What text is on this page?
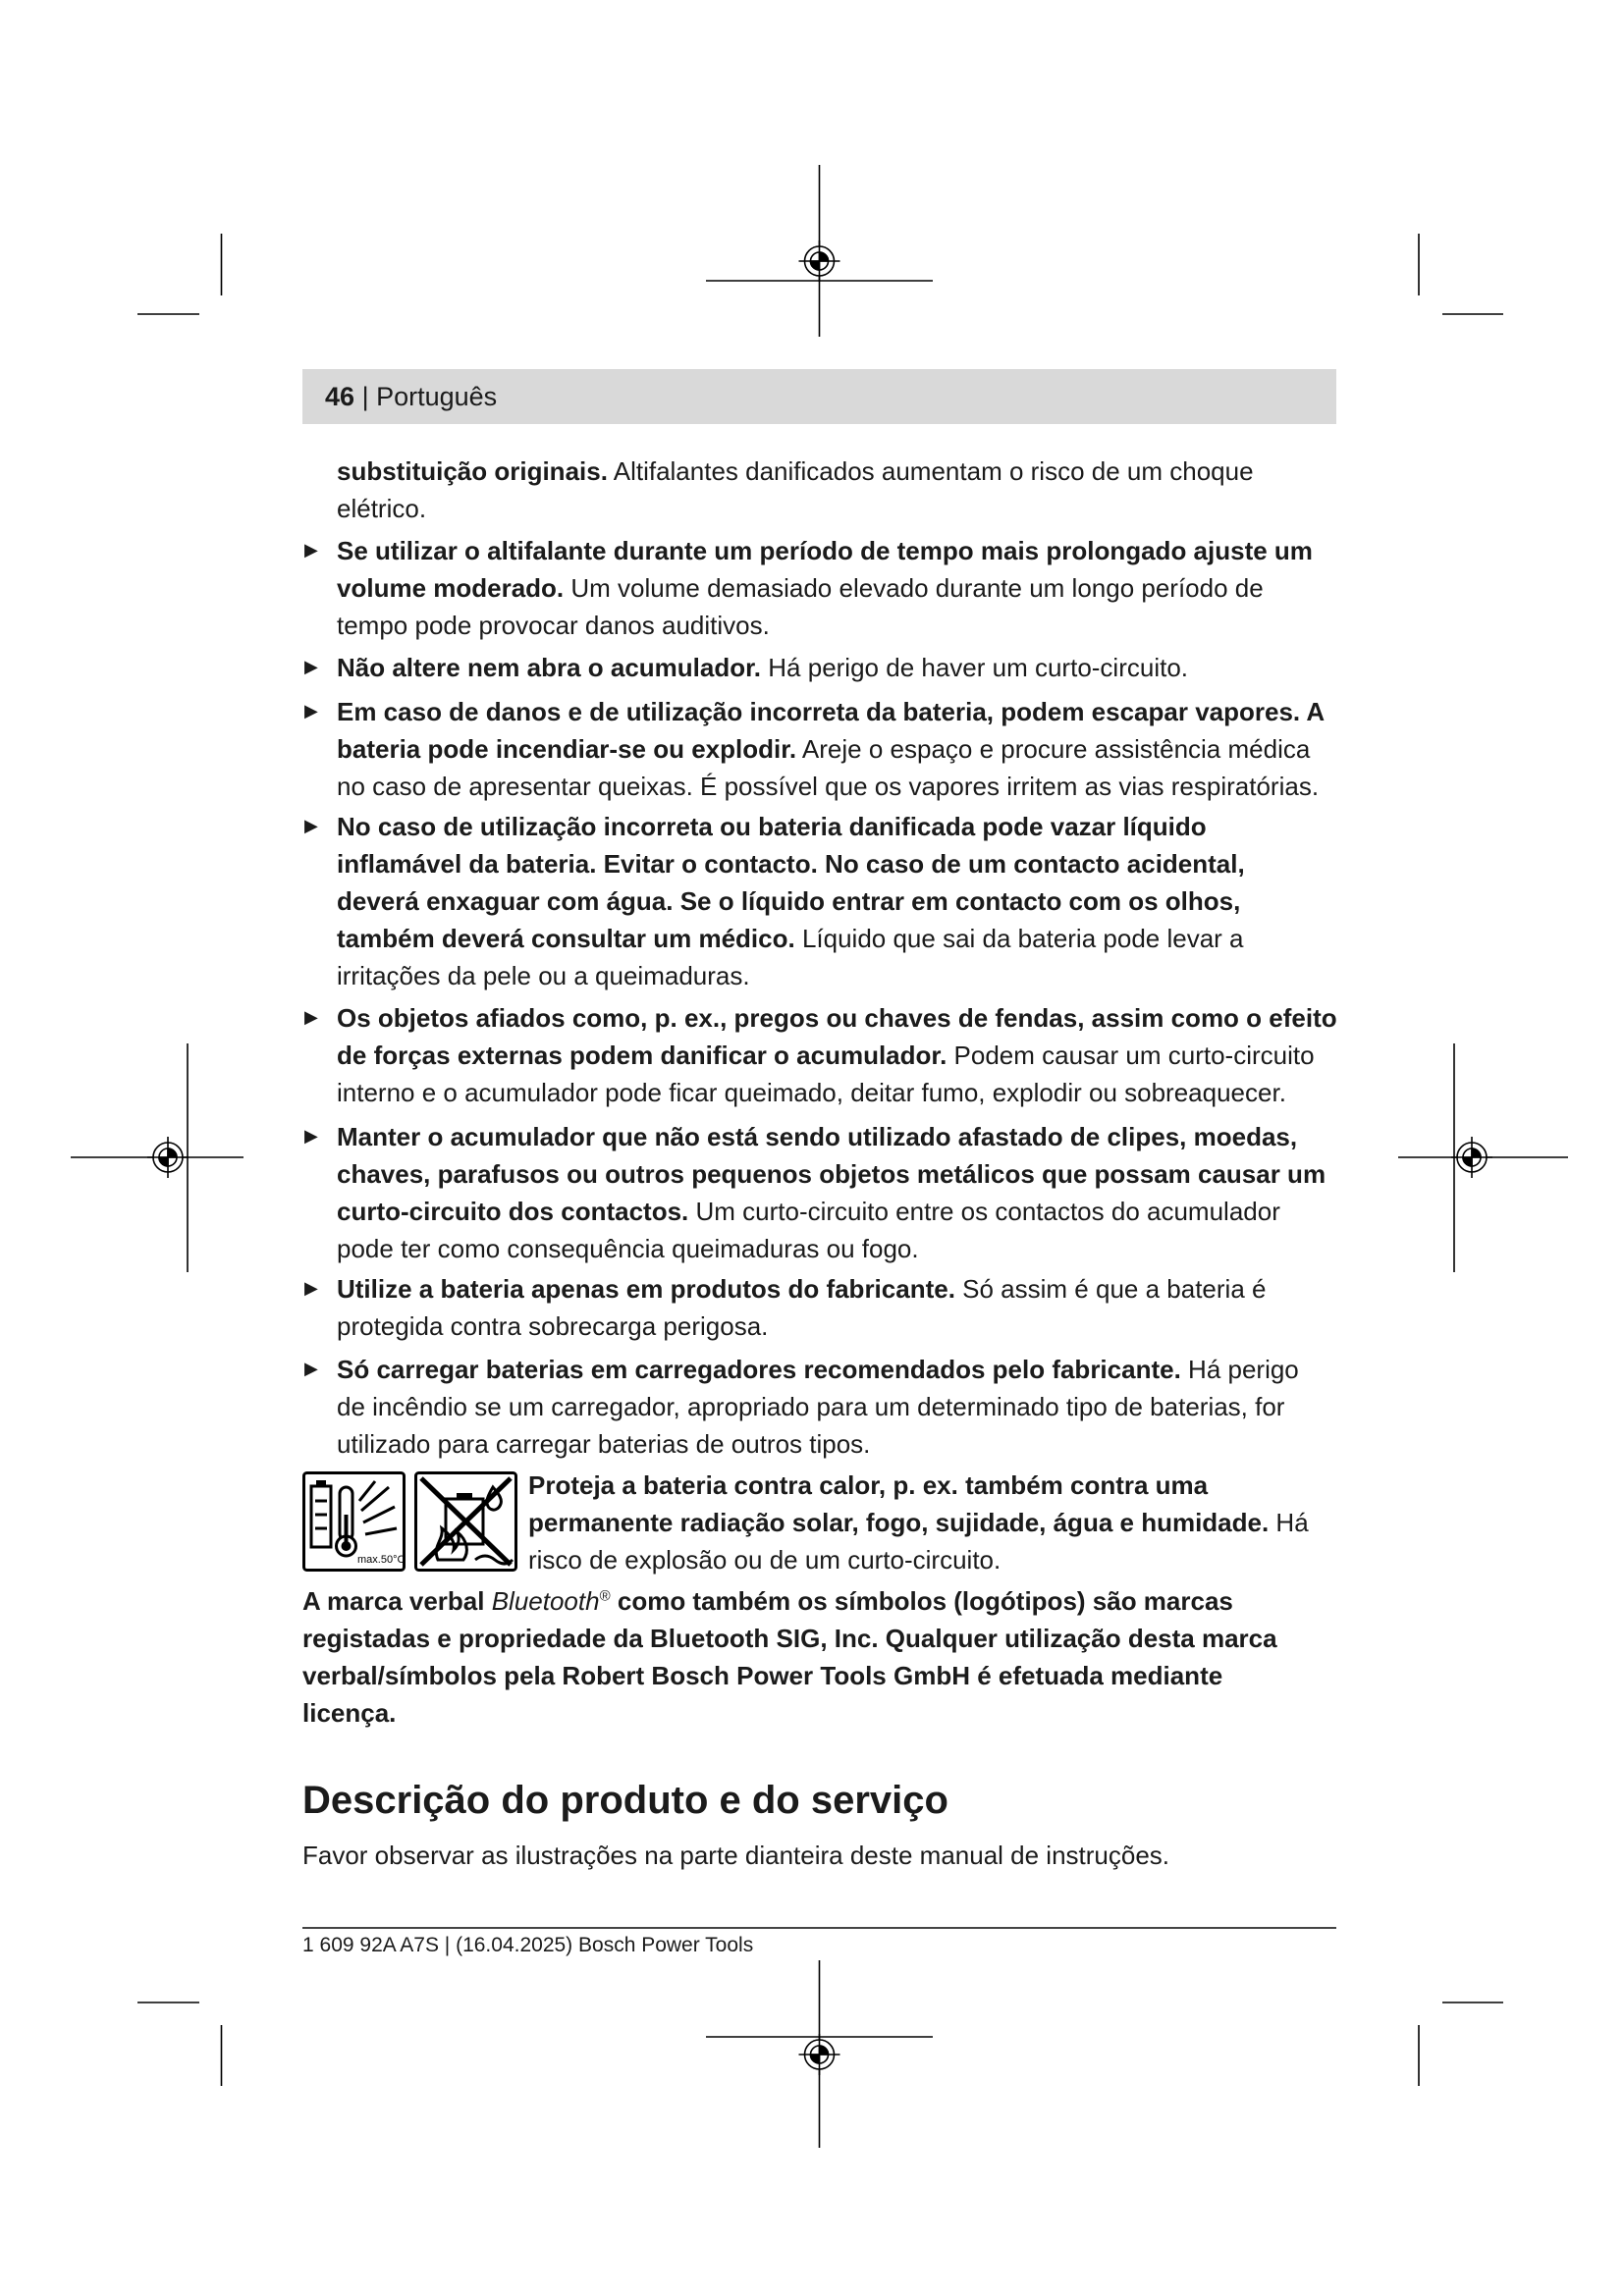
46 | Português
substituição originais. Altifalantes danificados aumentam o risco de um choque
elétrico.
▶ Se utilizar o altifalante durante um período de tempo mais prolongado ajuste um
volume moderado. Um volume demasiado elevado durante um longo período de
tempo pode provocar danos auditivos.
▶ Não altere nem abra o acumulador. Há perigo de haver um curto-circuito.
▶ Em caso de danos e de utilização incorreta da bateria, podem escapar vapores. A
bateria pode incendiar-se ou explodir. Areje o espaço e procure assistência médica
no caso de apresentar queixas. É possível que os vapores irritem as vias respiratórias.
▶ No caso de utilização incorreta ou bateria danificada pode vazar líquido
inflamável da bateria. Evitar o contacto. No caso de um contacto acidental,
deverá enxaguar com água. Se o líquido entrar em contacto com os olhos,
também deverá consultar um médico. Líquido que sai da bateria pode levar a
irritações da pele ou a queimaduras.
▶ Os objetos afiados como, p. ex., pregos ou chaves de fendas, assim como o efeito
de forças externas podem danificar o acumulador. Podem causar um curto-circuito
interno e o acumulador pode ficar queimado, deitar fumo, explodir ou sobreaquecer.
▶ Manter o acumulador que não está sendo utilizado afastado de clipes, moedas,
chaves, parafusos ou outros pequenos objetos metálicos que possam causar um
curto-circuito dos contactos. Um curto-circuito entre os contactos do acumulador
pode ter como consequência queimaduras ou fogo.
▶ Utilize a bateria apenas em produtos do fabricante. Só assim é que a bateria é
protegida contra sobrecarga perigosa.
▶ Só carregar baterias em carregadores recomendados pelo fabricante. Há perigo
de incêndio se um carregador, apropriado para um determinado tipo de baterias, for
utilizado para carregar baterias de outros tipos.
max.50°C
Proteja a bateria contra calor, p. ex. também contra uma
permanente radiação solar, fogo, sujidade, água e humidade. Há
risco de explosão ou de um curto-circuito.
A marca verbal Bluetooth® como também os símbolos (logótipos) são marcas
registadas e propriedade da Bluetooth SIG, Inc. Qualquer utilização desta marca
verbal/símbolos pela Robert Bosch Power Tools GmbH é efetuada mediante
licença.
Descrição do produto e do serviço
Favor observar as ilustrações na parte dianteira deste manual de instruções.
1 609 92A A7S | (16.04.2025) Bosch Power Tools
